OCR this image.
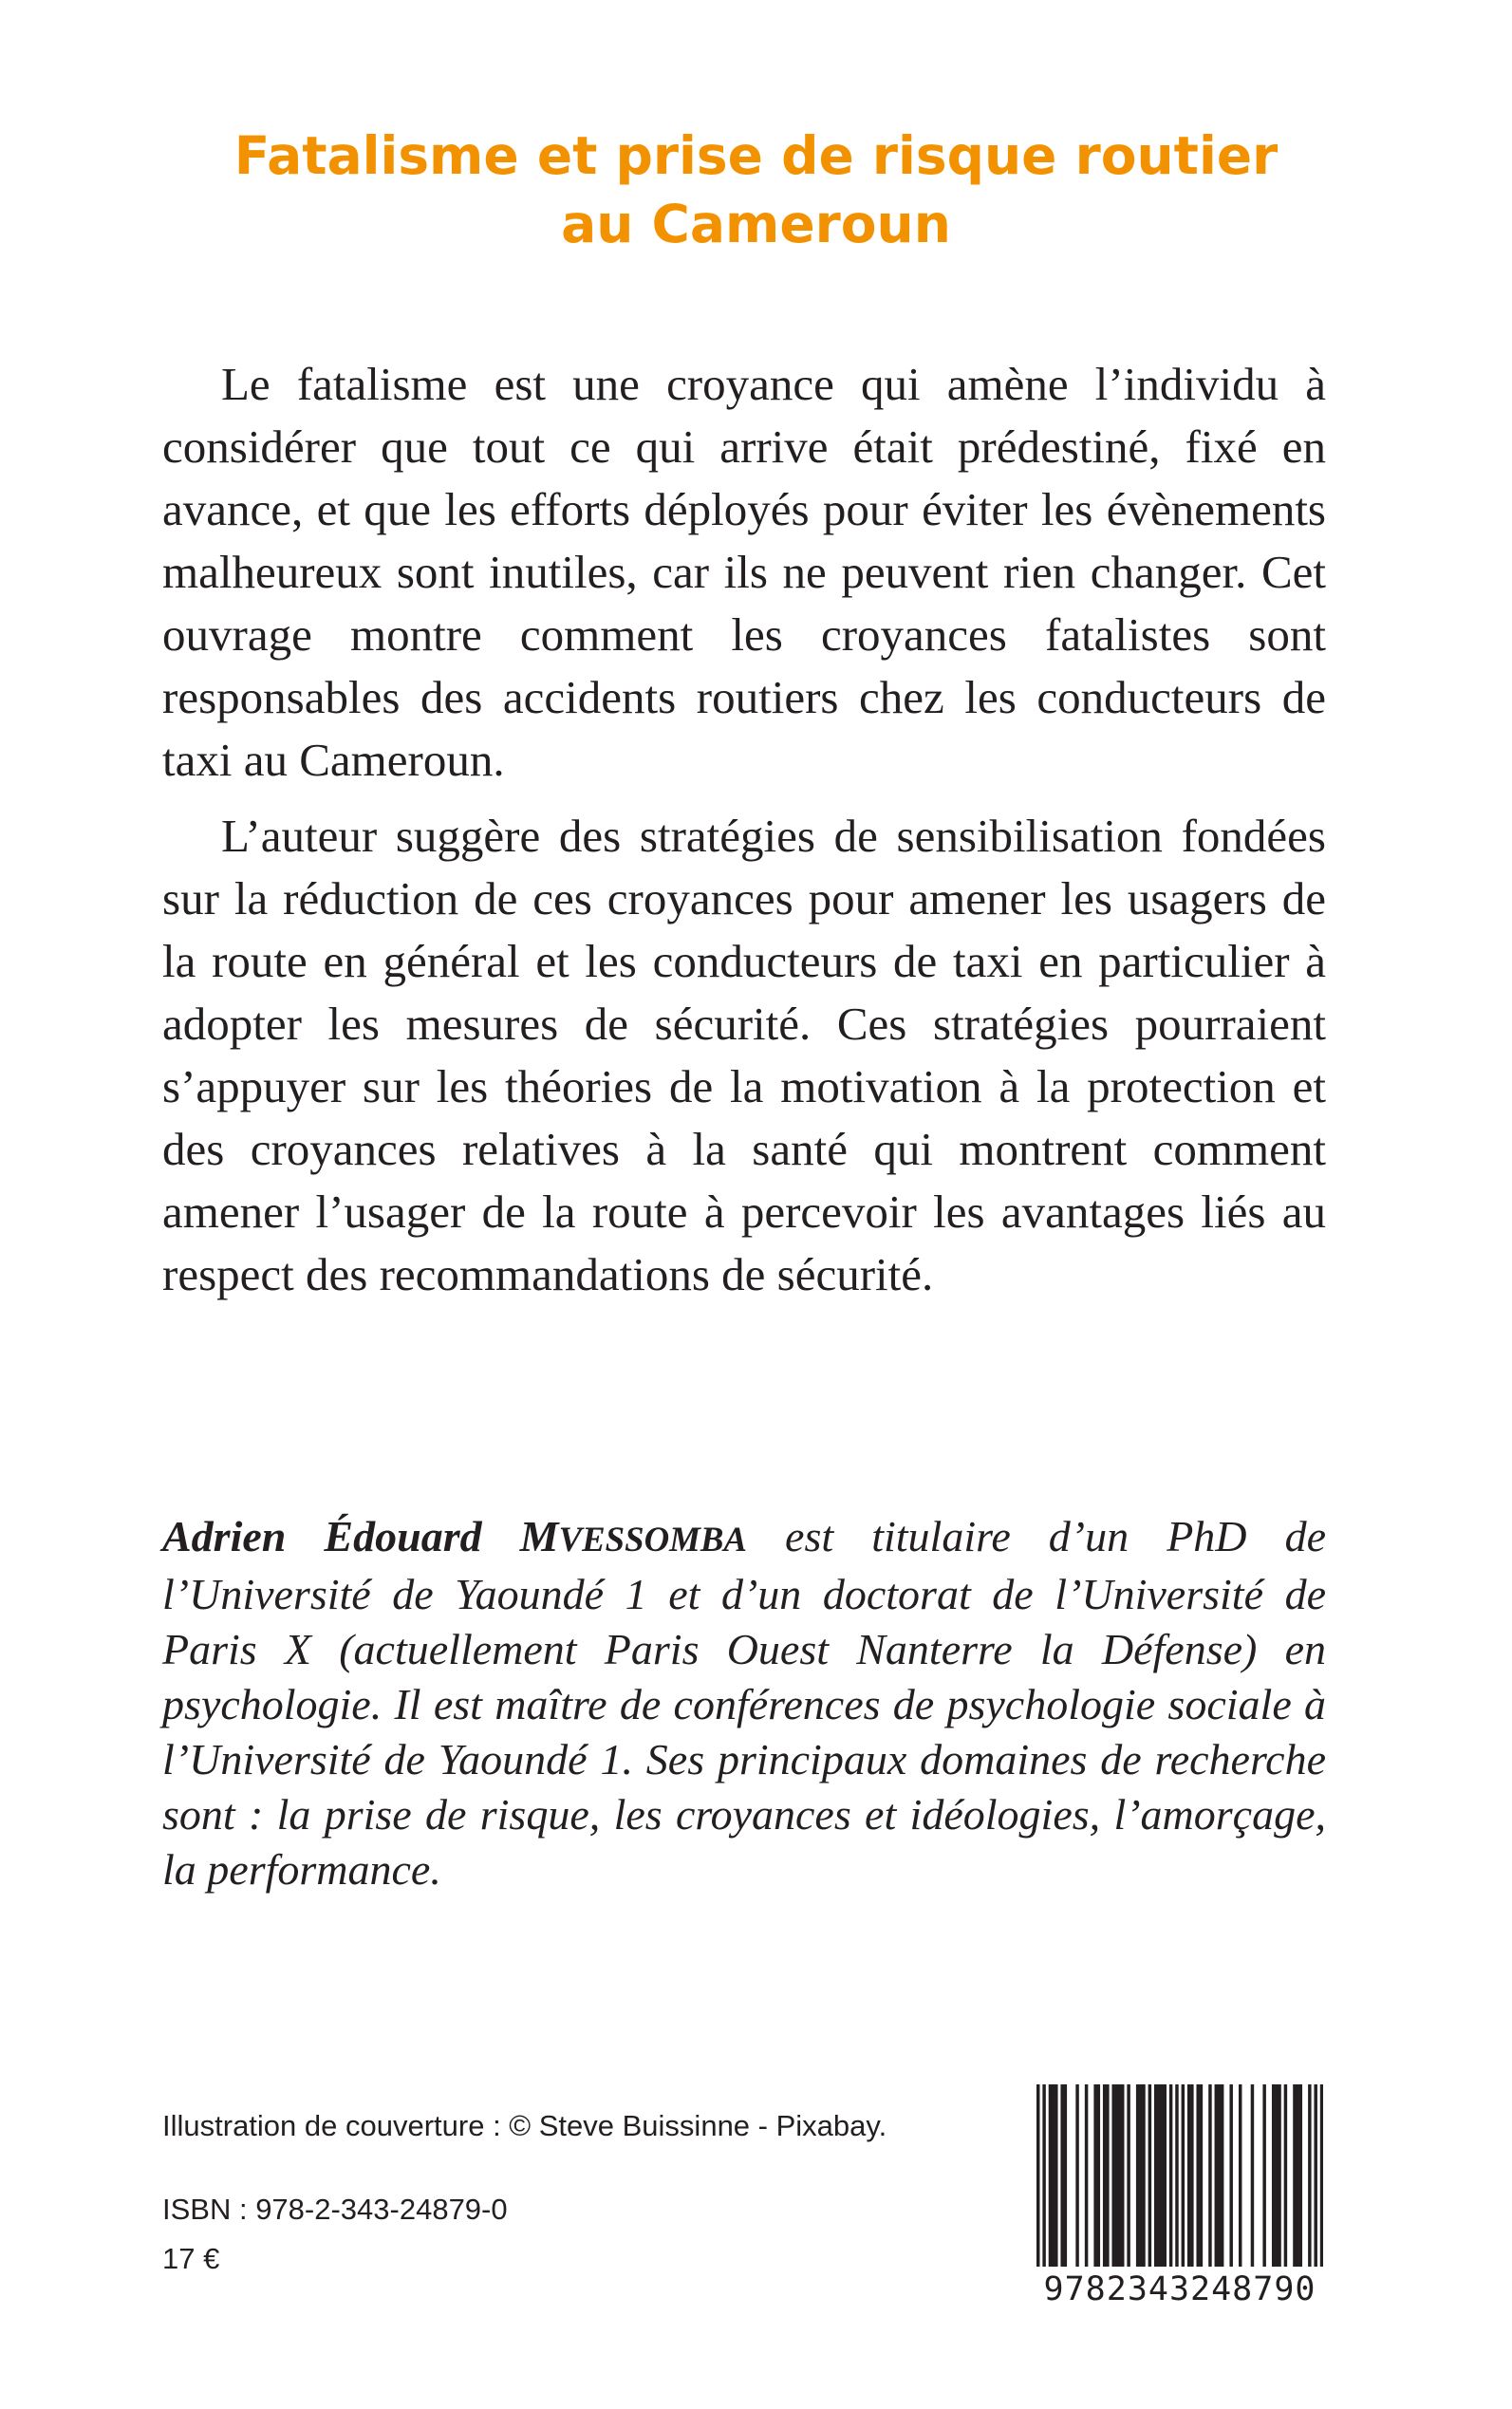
Fatalisme et prise de risque routier
au Cameroun

Le fatalisme est une croyance qui amène l’individu à considérer que tout ce qui arrive était prédestiné, fixé en avance, et que les efforts déployés pour éviter les évènements malheureux sont inutiles, car ils ne peuvent rien changer. Cet ouvrage montre comment les croyances fatalistes sont responsables des accidents routiers chez les conducteurs de taxi au Cameroun.

L’auteur suggère des stratégies de sensibilisation fondées sur la réduction de ces croyances pour amener les usagers de la route en général et les conducteurs de taxi en particulier à adopter les mesures de sécurité. Ces stratégies pourraient s’appuyer sur les théories de la motivation à la protection et des croyances relatives à la santé qui montrent comment amener l’usager de la route à percevoir les avantages liés au respect des recommandations de sécurité.

Adrien Édouard MVESSOMBA est titulaire d’un PhD de l’Université de Yaoundé 1 et d’un doctorat de l’Université de Paris X (actuellement Paris Ouest Nanterre la Défense) en psychologie. Il est maître de conférences de psychologie sociale à l’Université de Yaoundé 1. Ses principaux domaines de recherche sont : la prise de risque, les croyances et idéologies, l’amorçage, la performance.
Illustration de couverture : © Steve Buissinne - Pixabay.
ISBN : 978-2-343-24879-0
17 €
9782343248790
